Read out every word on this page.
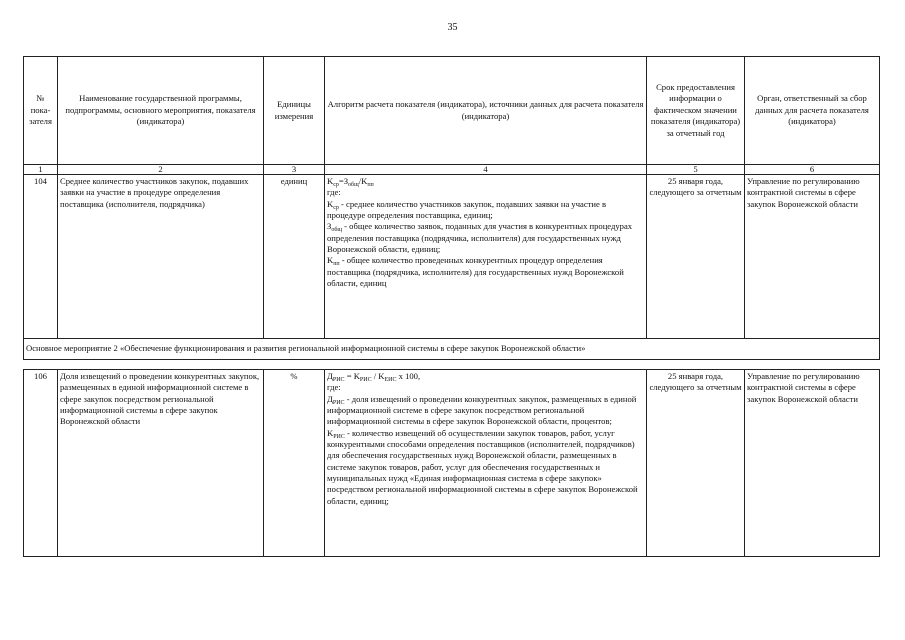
35
№ пока-зателя	Наименование государственной программы, подпрограммы, основного мероприятия, показателя (индикатора)	Единицы измерения	Алгоритм расчета показателя (индикатора), источники данных для расчета показателя (индикатора)	Срок предоставления информации о фактическом значении показателя (индикатора) за отчетный год	Орган, ответственный за сбор данных для расчета показателя (индикатора)
1	2	3	4	5	6
104	Среднее количество участников закупок, подавших заявки на участие в процедуре определения поставщика (исполнителя, подрядчика)	единиц	$K_{ср}=З_{общ}/K_{пп}$
где:
$K_{ср}$ - среднее количество участников закупок, подавших заявки на участие в процедуре определения поставщика, единиц;
$З_{общ}$ - общее количество заявок, поданных для участия в конкурентных процедурах определения поставщика (подрядчика, исполнителя) для государственных нужд Воронежской области, единиц;
$K_{пп}$ - общее количество проведенных конкурентных процедур определения поставщика (подрядчика, исполнителя) для государственных нужд Воронежской области, единиц	25 января года, следующего за отчетным	Управление по регулированию контрактной системы в сфере закупок Воронежской области
Основное мероприятие 2 «Обеспечение функционирования и развития региональной информационной системы в сфере закупок Воронежской области»					

106	Доля извещений о проведении конкурентных закупок, размещенных в единой информационной системе в сфере закупок посредством региональной информационной системы в сфере закупок Воронежской области	%	$Д_{РИС} = K_{РИС} / K_{ЕИС}$ x 100,
где:
$Д_{РИС}$ - доля извещений о проведении конкурентных закупок, размещенных в единой информационной системе в сфере закупок посредством региональной информационной системы в сфере закупок Воронежской области, процентов;
$K_{РИС}$ - количество извещений об осуществлении закупок товаров, работ, услуг конкурентными способами определения поставщиков (исполнителей, подрядчиков) для обеспечения государственных нужд Воронежской области, размещенных в системе закупок товаров, работ, услуг для обеспечения государственных и муниципальных нужд «Единая информационная система в сфере закупок» посредством региональной информационной системы в сфере закупок Воронежской области, единиц;	25 января года, следующего за отчетным	Управление по регулированию контрактной системы в сфере закупок Воронежской области
